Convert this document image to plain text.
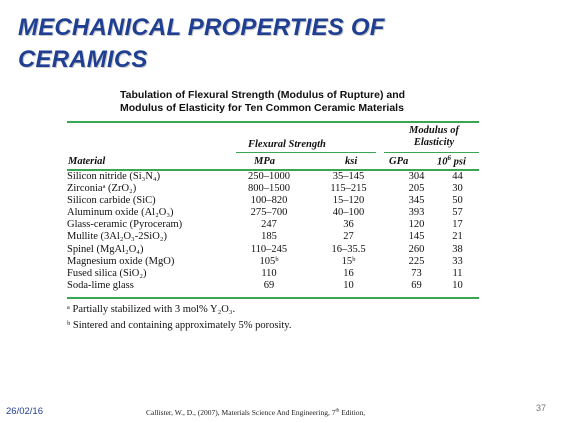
MECHANICAL PROPERTIES OF
CERAMICS
Tabulation of Flexural Strength (Modulus of Rupture) and
Modulus of Elasticity for Ten Common Ceramic Materials
Flexural Strength
Modulus of
Elasticity
Material	MPa	ksi	GPa	$10^6$ psi
Silicon nitride (Si₃N₄)	250–1000	35–145	304	44
Zirconiaᵃ (ZrO₂)	800–1500	115–215	205	30
Silicon carbide (SiC)	100–820	15–120	345	50
Aluminum oxide (Al₂O₃)	275–700	40–100	393	57
Glass-ceramic (Pyroceram)	247	36	120	17
Mullite (3Al₂O₃-2SiO₂)	185	27	145	21
Spinel (MgAl₂O₄)	110–245	16–35.5	260	38
Magnesium oxide (MgO)	105ᵇ	15ᵇ	225	33
Fused silica (SiO₂)	110	16	73	11
Soda-lime glass	69	10	69	10
ᵃ Partially stabilized with 3 mol% Y₂O₃.
ᵇ Sintered and containing approximately 5% porosity.
26/02/16	Callister, W., D., (2007), Materials Science And Engineering, 7th Edition,	37
